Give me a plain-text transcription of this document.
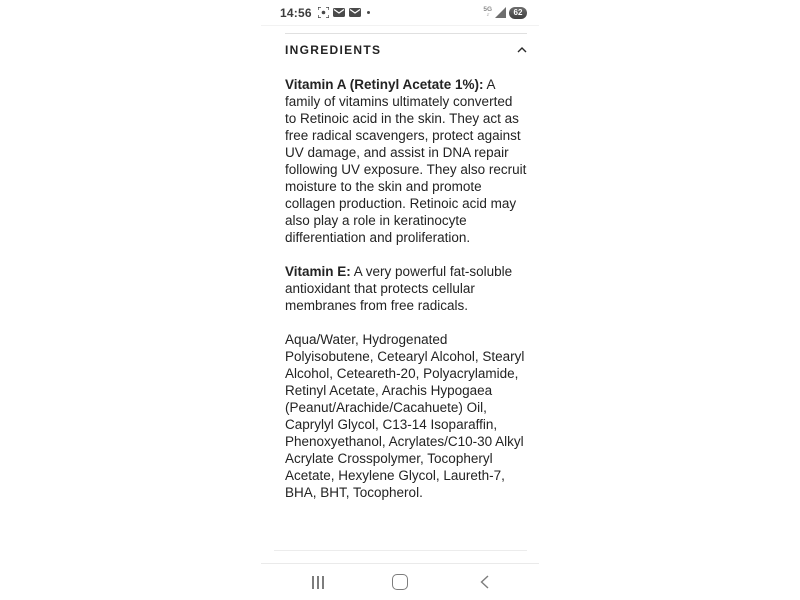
14:56	5G
↓↑	62
INGREDIENTS

Vitamin A (Retinyl Acetate 1%): A family of vitamins ultimately converted to Retinoic acid in the skin. They act as free radical scavengers, protect against UV damage, and assist in DNA repair following UV exposure. They also recruit moisture to the skin and promote collagen production. Retinoic acid may also play a role in keratinocyte differentiation and proliferation.

Vitamin E: A very powerful fat-soluble antioxidant that protects cellular membranes from free radicals.

Aqua/Water, Hydrogenated Polyisobutene, Cetearyl Alcohol, Stearyl Alcohol, Ceteareth-20, Polyacrylamide, Retinyl Acetate, Arachis Hypogaea (Peanut/Arachide/Cacahuete) Oil, Caprylyl Glycol, C13-14 Isoparaffin, Phenoxyethanol, Acrylates/C10-30 Alkyl Acrylate Crosspolymer, Tocopheryl Acetate, Hexylene Glycol, Laureth-7, BHA, BHT, Tocopherol.
